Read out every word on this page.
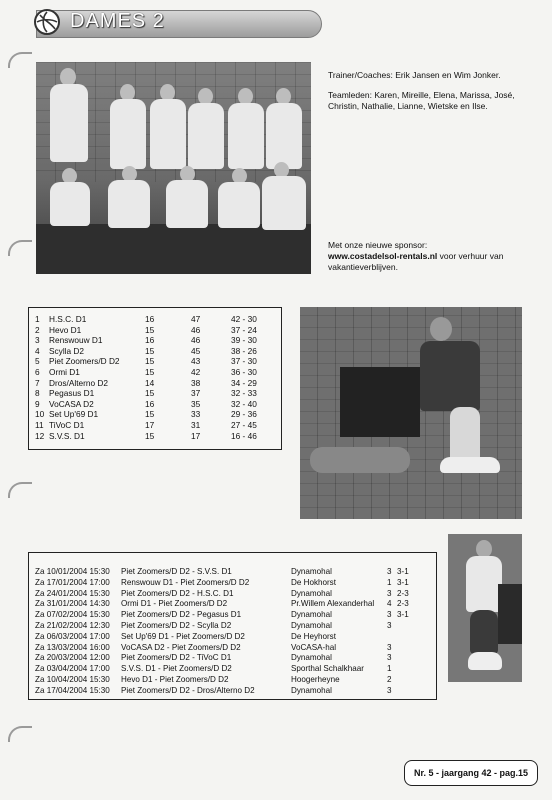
DAMES 2

Trainer/Coaches: Erik Jansen en Wim Jonker.

Teamleden: Karen, Mireille, Elena, Marissa, José, Christin, Nathalie, Lianne, Wietske en Ilse.

Met onze nieuwe sponsor:
www.costadelsol-rentals.nl voor verhuur van vakantieverblijven.
1	H.S.C. D1	16	47	42 - 30
2	Hevo D1	15	46	37 - 24
3	Renswouw D1	16	46	39 - 30
4	Scylla D2	15	45	38 - 26
5	Piet Zoomers/D D2	15	43	37 - 30
6	Ormi D1	15	42	36 - 30
7	Dros/Alterno D2	14	38	34 - 29
8	Pegasus D1	15	37	32 - 33
9	VoCASA D2	16	35	32 - 40
10	Set Up'69 D1	15	33	29 - 36
11	TiVoC D1	17	31	27 - 45
12	S.V.S. D1	15	17	16 - 46
Za 10/01/2004 15:30	Piet Zoomers/D D2 - S.V.S. D1	Dynamohal	3	3-1
Za 17/01/2004 17:00	Renswouw D1 - Piet Zoomers/D D2	De Hokhorst	1	3-1
Za 24/01/2004 15:30	Piet Zoomers/D D2 - H.S.C. D1	Dynamohal	3	2-3
Za 31/01/2004 14:30	Ormi D1 - Piet Zoomers/D D2	Pr.Willem Alexanderhal	4	2-3
Za 07/02/2004 15:30	Piet Zoomers/D D2 - Pegasus D1	Dynamohal	3	3-1
Za 21/02/2004 12:30	Piet Zoomers/D D2 - Scylla D2	Dynamohal	3	
Za 06/03/2004 17:00	Set Up'69 D1 - Piet Zoomers/D D2	De Heyhorst		
Za 13/03/2004 16:00	VoCASA D2 - Piet Zoomers/D D2	VoCASA-hal	3	
Za 20/03/2004 12:00	Piet Zoomers/D D2 - TiVoC D1	Dynamohal	3	
Za 03/04/2004 17:00	S.V.S. D1 - Piet Zoomers/D D2	Sporthal Schalkhaar	1	
Za 10/04/2004 15:30	Hevo D1 - Piet Zoomers/D D2	Hoogerheyne	2	
Za 17/04/2004 15:30	Piet Zoomers/D D2 - Dros/Alterno D2	Dynamohal	3	
Nr. 5 - jaargang 42 - pag.15
